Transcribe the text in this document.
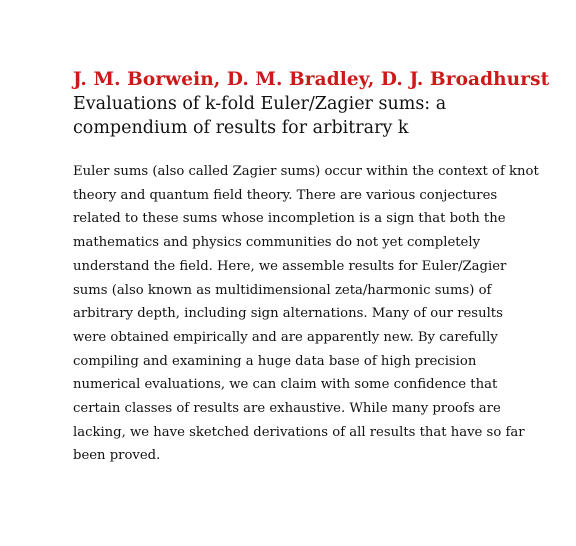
J. M. Borwein, D. M. Bradley, D. J. Broadhurst
Evaluations of k-fold Euler/Zagier sums: a
compendium of results for arbitrary k

Euler sums (also called Zagier sums) occur within the context of knot
theory and quantum field theory. There are various conjectures
related to these sums whose incompletion is a sign that both the
mathematics and physics communities do not yet completely
understand the field. Here, we assemble results for Euler/Zagier
sums (also known as multidimensional zeta/harmonic sums) of
arbitrary depth, including sign alternations. Many of our results
were obtained empirically and are apparently new. By carefully
compiling and examining a huge data base of high precision
numerical evaluations, we can claim with some confidence that
certain classes of results are exhaustive. While many proofs are
lacking, we have sketched derivations of all results that have so far
been proved.
